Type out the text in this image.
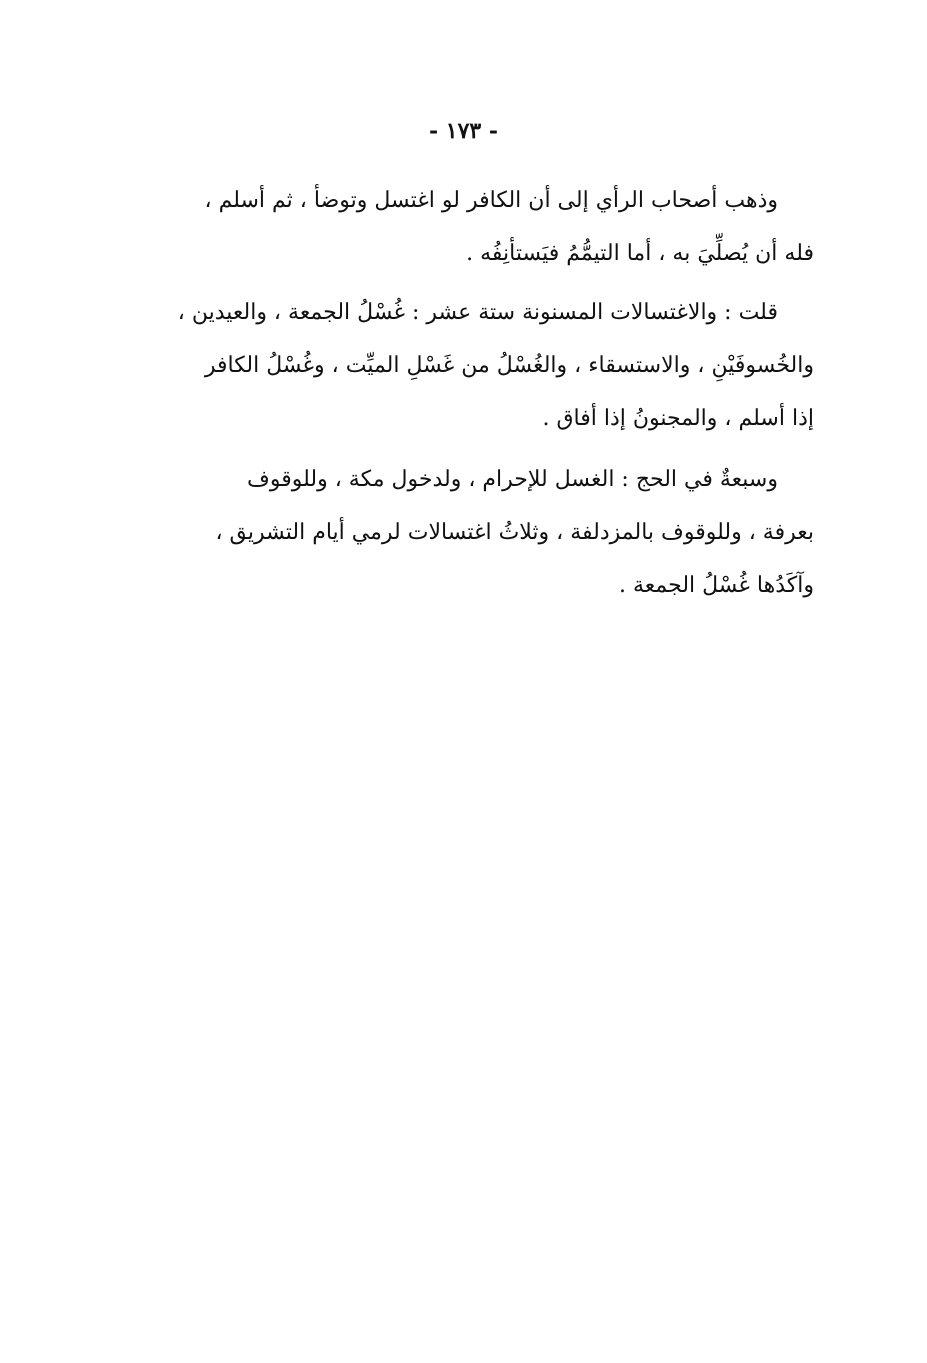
- ١٧٣ -
وذهب أصحاب الرأي إلى أن الكافر لو اغتسل وتوضأ ، ثم أسلم ،
فله أن يُصلِّيَ به ، أما التيمُّمُ فيَستأنِفُه .
قلت : والاغتسالات المسنونة ستة عشر : غُسْلُ الجمعة ، والعيدين ،
والخُسوفَيْنِ ، والاستسقاء ، والغُسْلُ من غَسْلِ الميِّت ، وغُسْلُ الكافر
إذا أسلم ، والمجنونُ إذا أفاق .
وسبعةٌ في الحج : الغسل للإحرام ، ولدخول مكة ، وللوقوف
بعرفة ، وللوقوف بالمزدلفة ، وثلاثُ اغتسالات لرمي أيام التشريق ،
وآكَدُها غُسْلُ الجمعة .
